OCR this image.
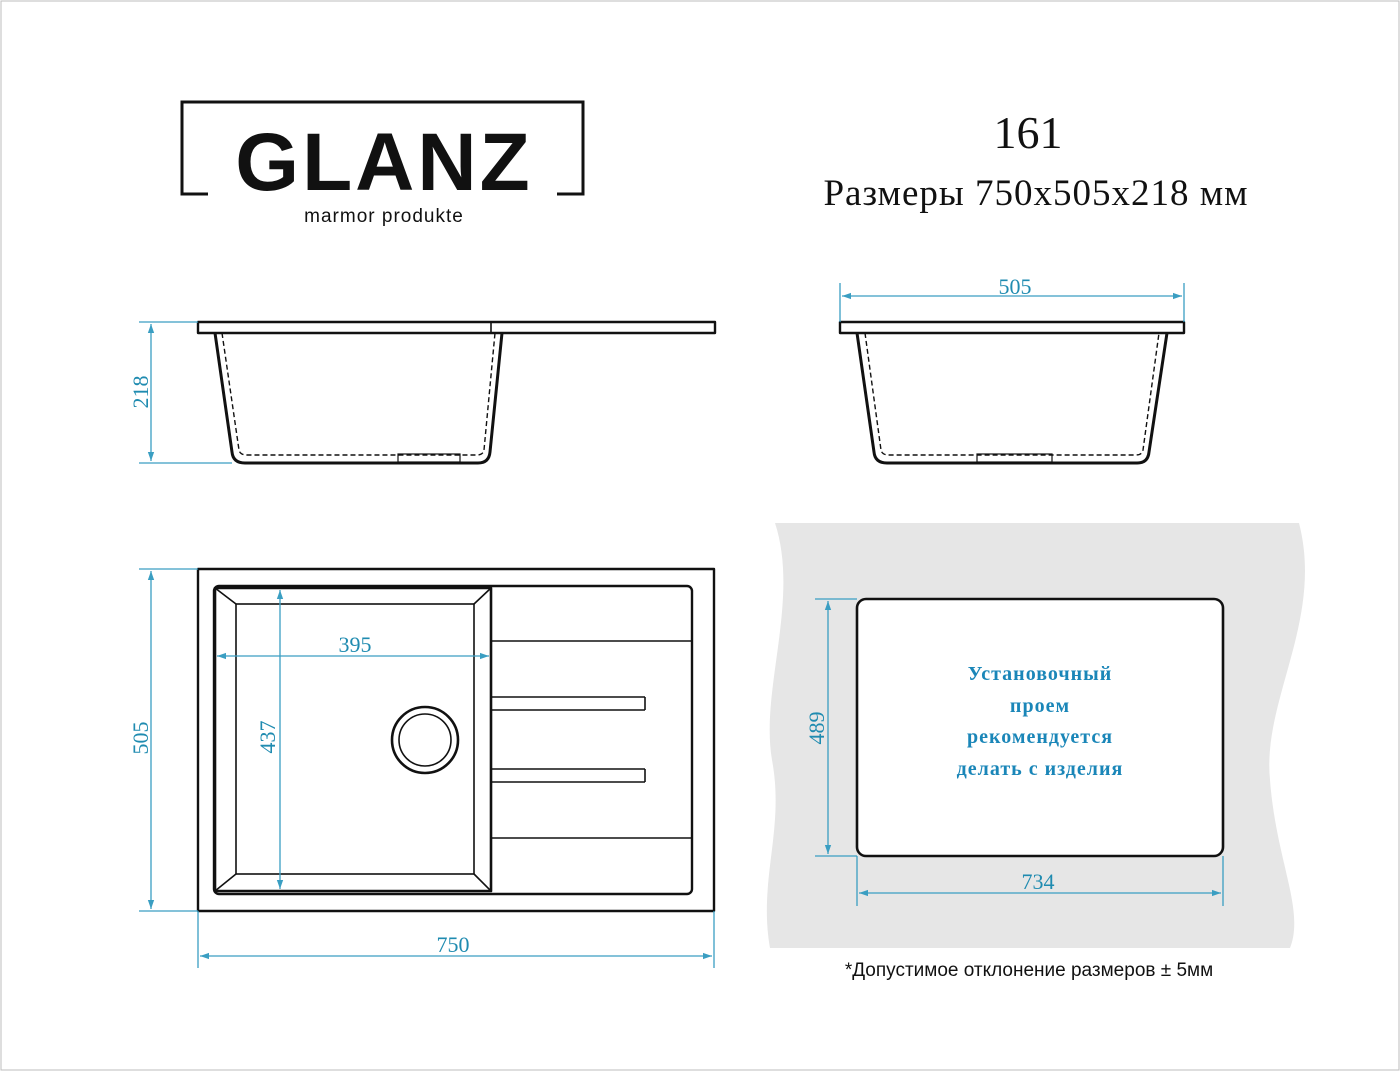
GLANZ
marmor produkte
161
Размеры 750х505х218 мм
218
505
395
437
505
750
Установочный
проем
рекомендуется
делать с изделия
489
734
*Допустимое отклонение размеров ± 5мм
